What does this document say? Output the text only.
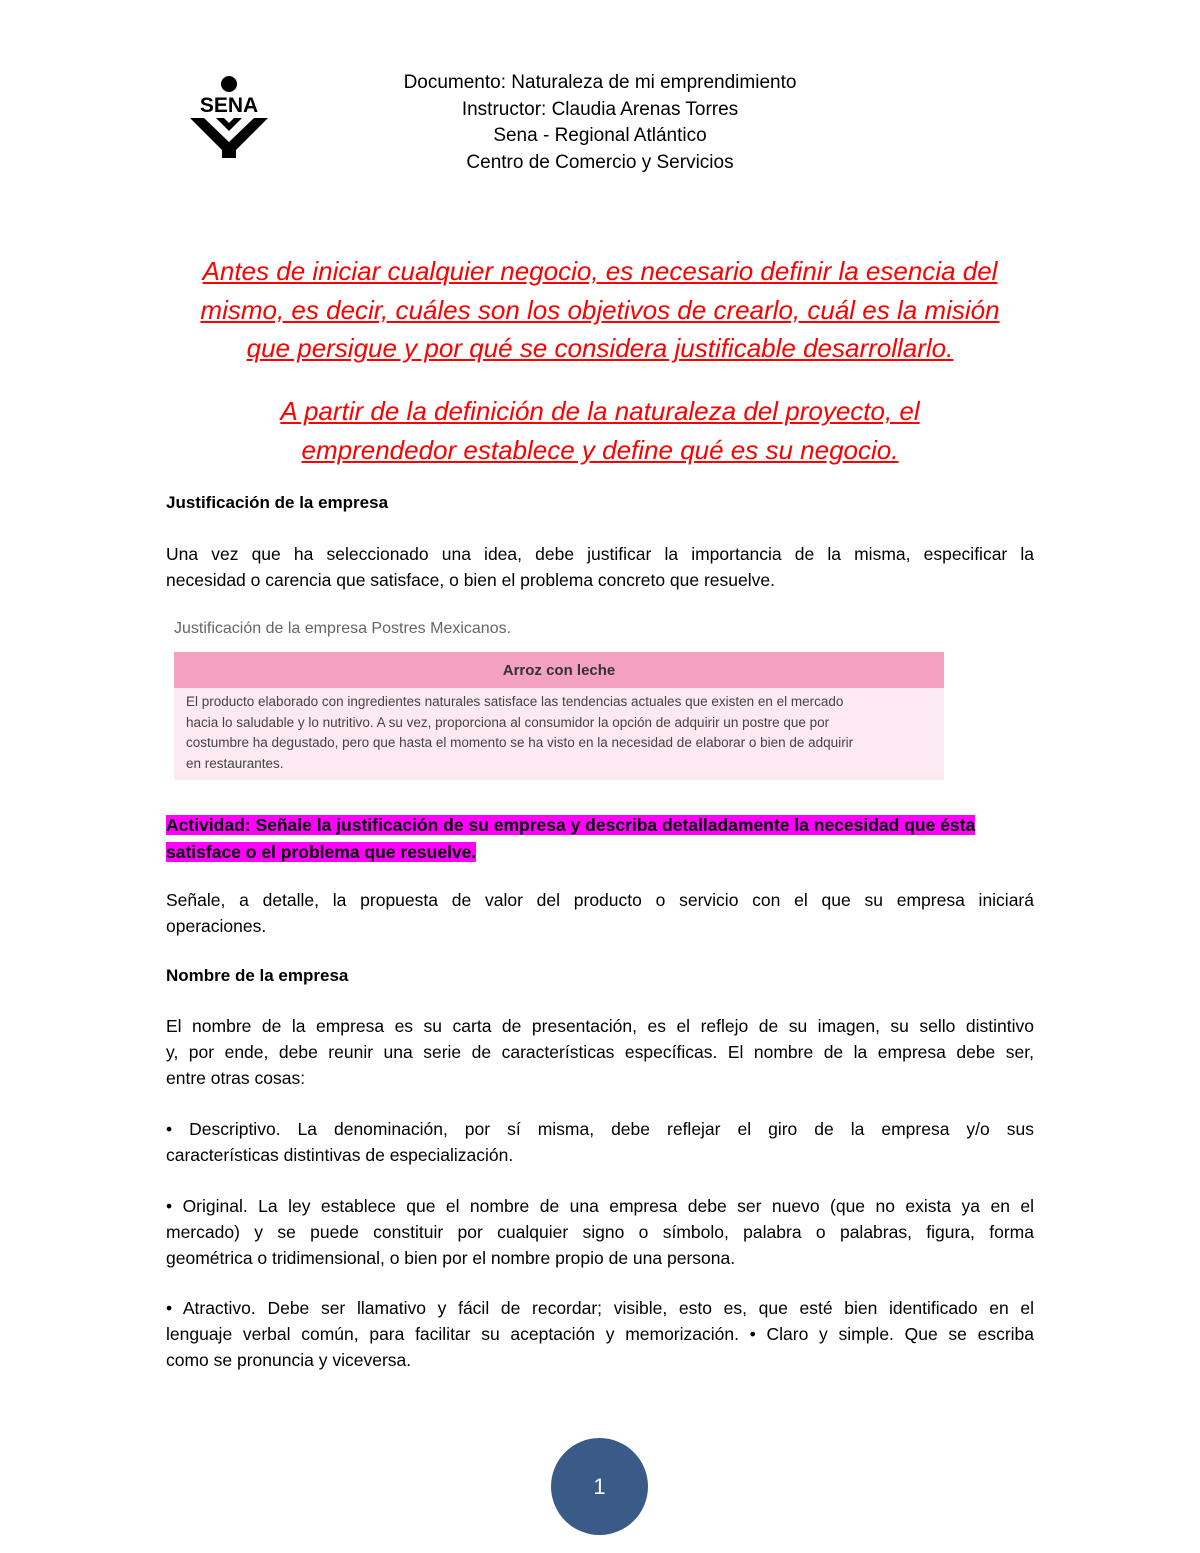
SENA
Documento: Naturaleza de mi emprendimiento
Instructor: Claudia Arenas Torres
Sena - Regional Atlántico
Centro de Comercio y Servicios
Antes de iniciar cualquier negocio, es necesario definir la esencia del
mismo, es decir, cuáles son los objetivos de crearlo, cuál es la misión
que persigue y por qué se considera justificable desarrollarlo.
A partir de la definición de la naturaleza del proyecto, el
emprendedor establece y define qué es su negocio.
Justificación de la empresa
Una vez que ha seleccionado una idea, debe justificar la importancia de la misma, especificar la
necesidad o carencia que satisface, o bien el problema concreto que resuelve.
Justificación de la empresa Postres Mexicanos.
Arroz con leche
El producto elaborado con ingredientes naturales satisface las tendencias actuales que existen en el mercado
hacia lo saludable y lo nutritivo. A su vez, proporciona al consumidor la opción de adquirir un postre que por
costumbre ha degustado, pero que hasta el momento se ha visto en la necesidad de elaborar o bien de adquirir
en restaurantes.
Actividad: Señale la justificación de su empresa y describa detalladamente la necesidad que ésta
satisface o el problema que resuelve.
Señale, a detalle, la propuesta de valor del producto o servicio con el que su empresa iniciará
operaciones.
Nombre de la empresa
El nombre de la empresa es su carta de presentación, es el reflejo de su imagen, su sello distintivo
y, por ende, debe reunir una serie de características específicas. El nombre de la empresa debe ser,
entre otras cosas:
• Descriptivo. La denominación, por sí misma, debe reflejar el giro de la empresa y/o sus
características distintivas de especialización.
• Original. La ley establece que el nombre de una empresa debe ser nuevo (que no exista ya en el
mercado) y se puede constituir por cualquier signo o símbolo, palabra o palabras, figura, forma
geométrica o tridimensional, o bien por el nombre propio de una persona.
• Atractivo. Debe ser llamativo y fácil de recordar; visible, esto es, que esté bien identificado en el
lenguaje verbal común, para facilitar su aceptación y memorización. • Claro y simple. Que se escriba
como se pronuncia y viceversa.
1
